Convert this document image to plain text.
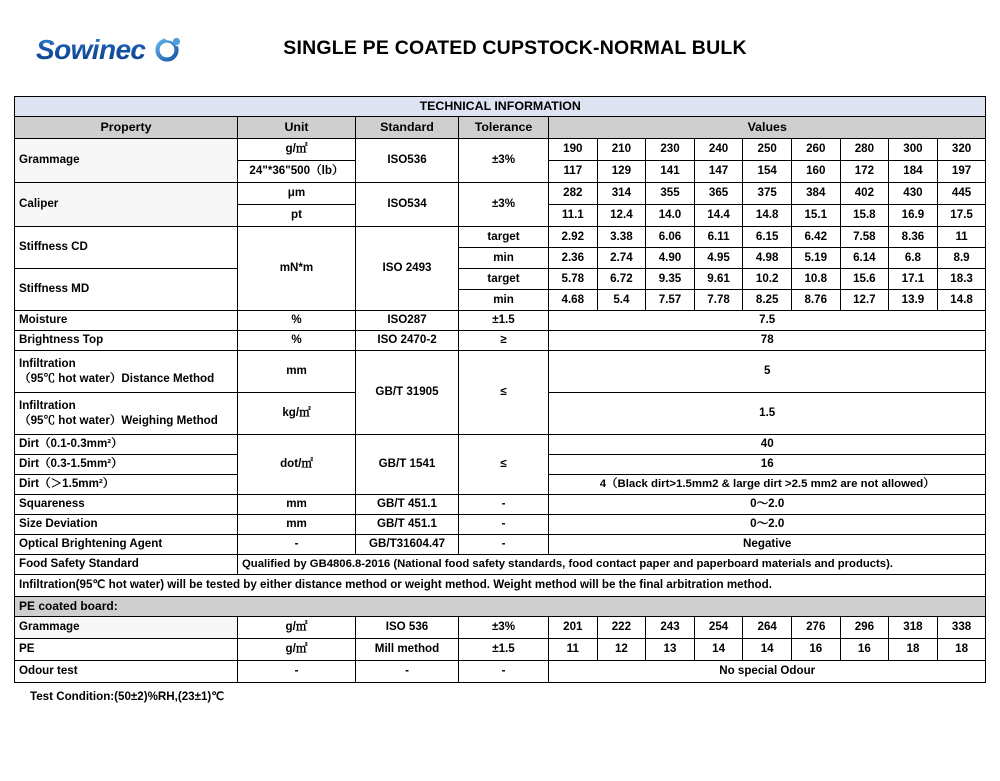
Sowinec	SINGLE PE COATED CUPSTOCK-NORMAL BULK
TECHNICAL INFORMATION												
Property	Unit	Standard	Tolerance	Values								
Grammage	g/㎡	ISO536	±3%	190	210	230	240	250	260	280	300	320
	24"*36"500（lb）			117	129	141	147	154	160	172	184	197
Caliper	μm	ISO534	±3%	282	314	355	365	375	384	402	430	445
	pt			11.1	12.4	14.0	14.4	14.8	15.1	15.8	16.9	17.5
Stiffness CD	mN*m	ISO 2493	target	2.92	3.38	6.06	6.11	6.15	6.42	7.58	8.36	11
			min	2.36	2.74	4.90	4.95	4.98	5.19	6.14	6.8	8.9
Stiffness MD			target	5.78	6.72	9.35	9.61	10.2	10.8	15.6	17.1	18.3
			min	4.68	5.4	7.57	7.78	8.25	8.76	12.7	13.9	14.8
Moisture	%	ISO287	±1.5	7.5								
Brightness Top	%	ISO 2470-2	≥	78								
Infiltration
（95℃ hot water）Distance Method	mm	GB/T 31905	≤	5								
Infiltration
（95℃ hot water）Weighing Method	kg/㎡			1.5								
Dirt（0.1-0.3mm²）	dot/㎡	GB/T 1541	≤	40								
Dirt（0.3-1.5mm²）				16								
Dirt（＞1.5mm²）				4（Black dirt>1.5mm2 & large dirt >2.5 mm2 are not allowed）								
Squareness	mm	GB/T 451.1	-	0～2.0								
Size Deviation	mm	GB/T 451.1	-	0～2.0								
Optical Brightening Agent	-	GB/T31604.47	-	Negative								
Food Safety Standard	Qualified by GB4806.8-2016 (National food safety standards, food contact paper and paperboard materials and products).											
Infiltration(95℃ hot water) will be tested by either distance method or weight method. Weight method will be the final arbitration method.												
PE coated board:												
Grammage	g/㎡	ISO 536	±3%	201	222	243	254	264	276	296	318	338
PE	g/㎡	Mill method	±1.5	11	12	13	14	14	16	16	18	18
Odour test	-	-	-	No special Odour								
Test Condition:(50±2)%RH,(23±1)℃
